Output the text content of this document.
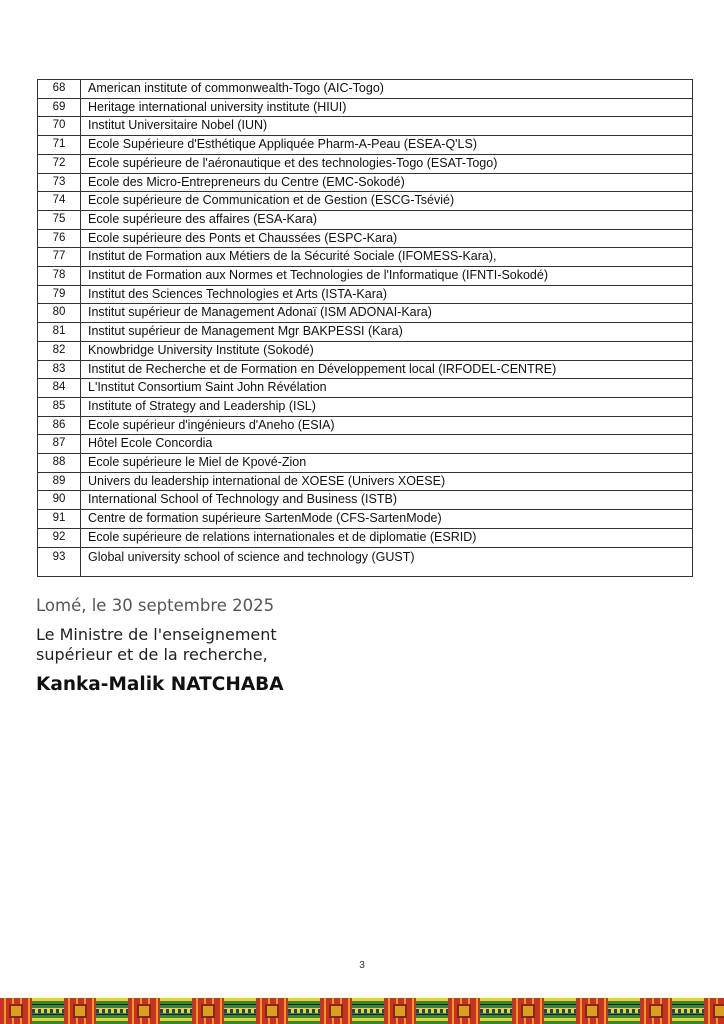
68	American institute of commonwealth-Togo (AIC-Togo)
69	Heritage international university institute (HIUI)
70	Institut Universitaire Nobel (IUN)
71	Ecole Supérieure d'Esthétique Appliquée Pharm-A-Peau (ESEA-Q'LS)
72	Ecole supérieure de l'aéronautique et des technologies-Togo (ESAT-Togo)
73	Ecole des Micro-Entrepreneurs du Centre (EMC-Sokodé)
74	Ecole supérieure de Communication et de Gestion (ESCG-Tsévié)
75	Ecole supérieure des affaires (ESA-Kara)
76	Ecole supérieure des Ponts et Chaussées (ESPC-Kara)
77	Institut de Formation aux Métiers de la Sécurité Sociale (IFOMESS-Kara),
78	Institut de Formation aux Normes et Technologies de l'Informatique (IFNTI-Sokodé)
79	Institut des Sciences Technologies et Arts (ISTA-Kara)
80	Institut supérieur de Management Adonaï (ISM ADONAI-Kara)
81	Institut supérieur de Management Mgr BAKPESSI (Kara)
82	Knowbridge University Institute (Sokodé)
83	Institut de Recherche et de Formation en Développement local (IRFODEL-CENTRE)
84	L'Institut Consortium Saint John Révélation
85	Institute of Strategy and Leadership (ISL)
86	Ecole supérieur d'ingénieurs d'Aneho (ESIA)
87	Hôtel Ecole Concordia
88	Ecole supérieure le Miel de Kpové-Zion
89	Univers du leadership international de XOESE (Univers XOESE)
90	International School of Technology and Business (ISTB)
91	Centre de formation supérieure SartenMode (CFS-SartenMode)
92	Ecole supérieure de relations internationales et de diplomatie (ESRID)
93	Global university school of science and technology (GUST)
Lomé, le 30 septembre 2025
Le Ministre de l'enseignement
supérieur et de la recherche,
Kanka-Malik NATCHABA
3
